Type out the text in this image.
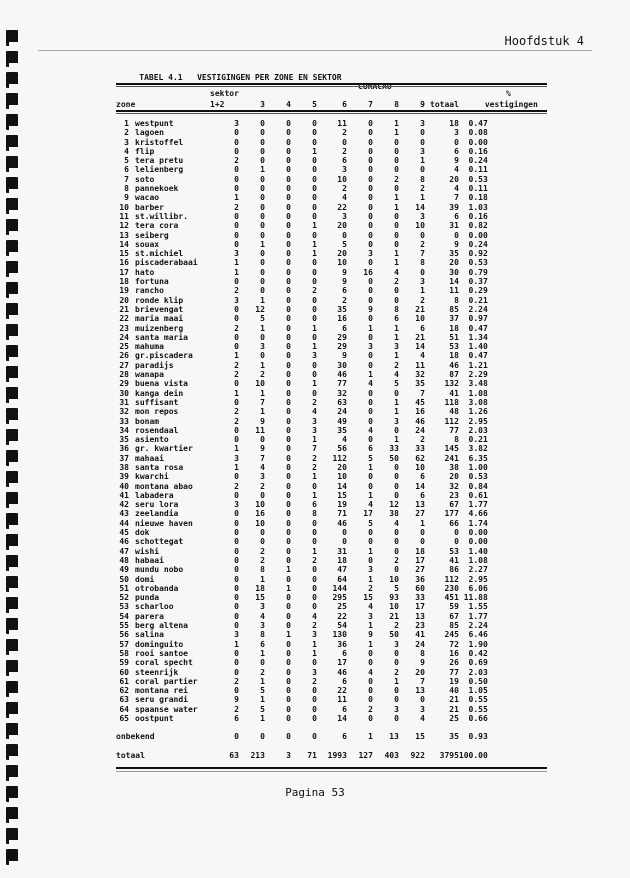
Hoofdstuk 4

TABEL 4.1   VESTIGINGEN PER ZONE EN SEKTOR

CURACAO

		sektor									%
zone	1+2	3	4	5	6	7	8	9	totaal	vestigingen

1	westpunt	3	0	0	0	11	0	1	3	18	0.47
2	lagoen	0	0	0	0	2	0	1	0	3	0.08
3	kristoffel	0	0	0	0	0	0	0	0	0	0.00
4	flip	0	0	0	1	2	0	0	3	6	0.16
5	tera pretu	2	0	0	0	6	0	0	1	9	0.24
6	lelienberg	0	1	0	0	3	0	0	0	4	0.11
7	soto	0	0	0	0	10	0	2	8	20	0.53
8	pannekoek	0	0	0	0	2	0	0	2	4	0.11
9	wacao	1	0	0	0	4	0	1	1	7	0.18
10	barber	2	0	0	0	22	0	1	14	39	1.03
11	st.willibr.	0	0	0	0	3	0	0	3	6	0.16
12	tera cora	0	0	0	1	20	0	0	10	31	0.82
13	seiberg	0	0	0	0	0	0	0	0	0	0.00
14	souax	0	1	0	1	5	0	0	2	9	0.24
15	st.michiel	3	0	0	1	20	3	1	7	35	0.92
16	piscaderabaai	1	0	0	0	10	0	1	8	20	0.53
17	hato	1	0	0	0	9	16	4	0	30	0.79
18	fortuna	0	0	0	0	9	0	2	3	14	0.37
19	rancho	2	0	0	2	6	0	0	1	11	0.29
20	ronde klip	3	1	0	0	2	0	0	2	8	0.21
21	brievengat	0	12	0	0	35	9	8	21	85	2.24
22	maria maai	0	5	0	0	16	0	6	10	37	0.97
23	muizenberg	2	1	0	1	6	1	1	6	18	0.47
24	santa maria	0	0	0	0	29	0	1	21	51	1.34
25	mahuma	0	3	0	1	29	3	3	14	53	1.40
26	gr.piscadera	1	0	0	3	9	0	1	4	18	0.47
27	paradijs	2	1	0	0	30	0	2	11	46	1.21
28	wanapa	2	2	0	0	46	1	4	32	87	2.29
29	buena vista	0	10	0	1	77	4	5	35	132	3.48
30	kanga dein	1	1	0	0	32	0	0	7	41	1.08
31	suffisant	0	7	0	2	63	0	1	45	118	3.08
32	mon repos	2	1	0	4	24	0	1	16	48	1.26
33	bonam	2	9	0	3	49	0	3	46	112	2.95
34	rosendaal	0	11	0	3	35	4	0	24	77	2.03
35	asiento	0	0	0	1	4	0	1	2	8	0.21
36	gr. kwartier	1	9	0	7	56	6	33	33	145	3.82
37	mahaai	3	7	0	2	112	5	50	62	241	6.35
38	santa rosa	1	4	0	2	20	1	0	10	38	1.00
39	kwarchi	0	3	0	1	10	0	0	6	20	0.53
40	montana abao	2	2	0	0	14	0	0	14	32	0.84
41	labadera	0	0	0	1	15	1	0	6	23	0.61
42	seru lora	3	10	0	6	19	4	12	13	67	1.77
43	zeelandia	0	16	0	8	71	17	38	27	177	4.66
44	nieuwe haven	0	10	0	0	46	5	4	1	66	1.74
45	dok	0	0	0	0	0	0	0	0	0	0.00
46	schottegat	0	0	0	0	0	0	0	0	0	0.00
47	wishi	0	2	0	1	31	1	0	18	53	1.40
48	habaai	0	2	0	2	18	0	2	17	41	1.08
49	mundu nobo	0	8	1	0	47	3	0	27	86	2.27
50	domi	0	1	0	0	64	1	10	36	112	2.95
51	otrobanda	0	18	1	0	144	2	5	60	230	6.06
52	punda	0	15	0	0	295	15	93	33	451	11.88
53	scharloo	0	3	0	0	25	4	10	17	59	1.55
54	parera	0	4	0	4	22	3	21	13	67	1.77
55	berg altena	0	3	0	2	54	1	2	23	85	2.24
56	salina	3	8	1	3	130	9	50	41	245	6.46
57	dominguito	1	6	0	1	36	1	3	24	72	1.90
58	rooi santoe	0	1	0	1	6	0	0	8	16	0.42
59	coral specht	0	0	0	0	17	0	0	9	26	0.69
60	steenrijk	0	2	0	3	46	4	2	20	77	2.03
61	coral partier	2	1	0	2	6	0	1	7	19	0.50
62	montana rei	0	5	0	0	22	0	0	13	40	1.05
63	seru grandi	9	1	0	0	11	0	0	0	21	0.55
64	spaanse water	2	5	0	0	6	2	3	3	21	0.55
65	oostpunt	6	1	0	0	14	0	0	4	25	0.66

	onbekend	0	0	0	0	6	1	13	15	35	0.93

	totaal	63	213	3	71	1993	127	403	922	3795	100.00
Pagina 53
